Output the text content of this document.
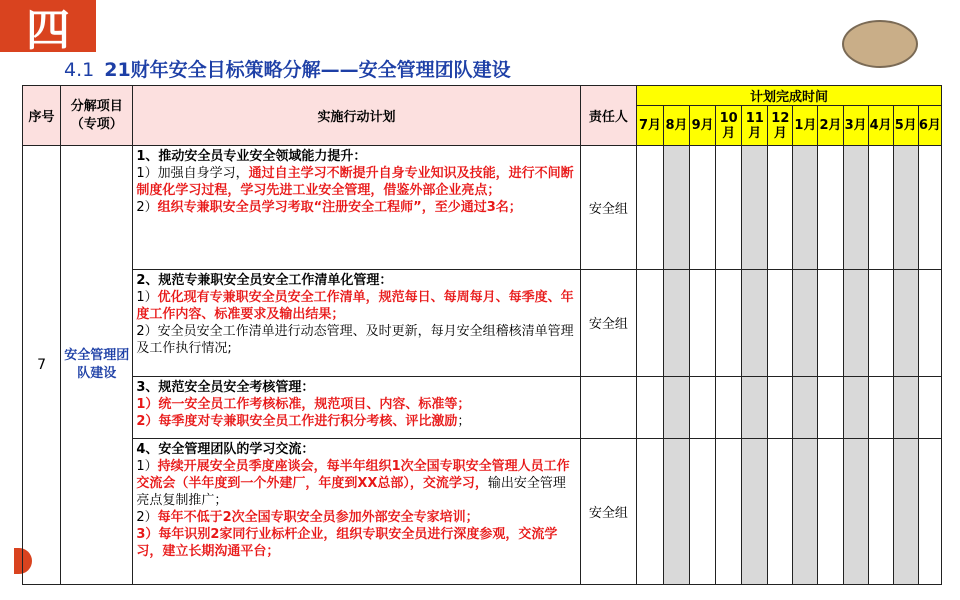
四
4.1 21财年安全目标策略分解——安全管理团队建设
序号	分解项目（专项）	实施行动计划	责任人	计划完成时间											
				7月	8月	9月	10月	11月	12月	1月	2月	3月	4月	5月	6月
7	安全管理团队建设	1、推动安全员专业安全领域能力提升：
1）加强自身学习，通过自主学习不断提升自身专业知识及技能，进行不间断制度化学习过程，学习先进工业安全管理，借鉴外部企业亮点；
2）组织专兼职安全员学习考取“注册安全工程师”，至少通过3名；	安全组												

		2、规范专兼职安全员安全工作清单化管理：
1）优化现有专兼职安全员安全工作清单，规范每日、每周每月、每季度、年度工作内容、标准要求及输出结果；
2）安全员安全工作清单进行动态管理、及时更新，每月安全组稽核清单管理及工作执行情况;	安全组												

		3、规范安全员安全考核管理：
1）统一安全员工作考核标准，规范项目、内容、标准等；
2）每季度对专兼职安全员工作进行积分考核、评比激励；													

		4、安全管理团队的学习交流：
1）持续开展安全员季度座谈会，每半年组织1次全国专职安全管理人员工作交流会（半年度到一个外建厂，年度到XX总部），交流学习，输出安全管理亮点复制推广；
2）每年不低于2次全国专职安全员参加外部安全专家培训；
3）每年识别2家同行业标杆企业，组织专职安全员进行深度参观，交流学习，建立长期沟通平台；	安全组												
